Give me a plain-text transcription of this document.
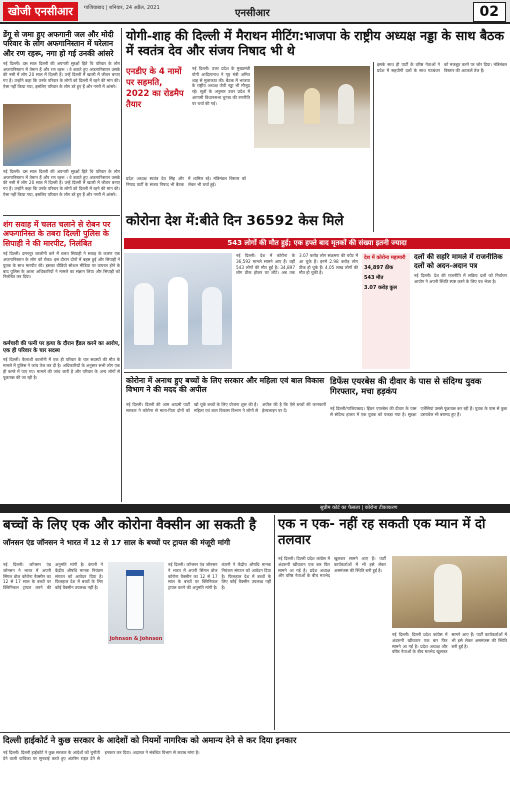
खोजी एनसीआर	गाजियाबाद | शनिवार, 24 अप्रैल, 2021	एनसीआर	02
डेंगू से जमा हुए अफगानी जल और मोदी परिवार के लोग अफगानिस्तान में घरेलान और रण रहरू, नगा हो गई उनकी आंसरे
नई दिल्ली। दस साल दिल्ली की अपनारी सुरक्षों हिते थि परिवार के लोग अफगानिस्तान में तेमान हैं और रण रहरू । वे बताते हुए अफगानिस्तान उसके की नसी में लोग 20 साल में दिल्ली हैं। उन्हें दिल्ली में खतरी में जीवन बनाए गए हैं। उन्होंने कहा कि उनके परिवार के लोगों को दिल्ली में रहने की मांग की। ऐसा नहीं किया गया, इसलिए परिवार के लोग डरे हुए हैं और नगरी में आंसरे।
नई दिल्ली। दस साल दिल्ली की अपनारी सुरक्षों हिते थि परिवार के लोग अफगानिस्तान में तेमान हैं और रण रहरू । वे बताते हुए अफगानिस्तान उसके की नसी में लोग 20 साल में दिल्ली हैं। उन्हें दिल्ली में खतरी में जीवन बनाए गए हैं। उन्होंने कहा कि उनके परिवार के लोगों को दिल्ली में रहने की मांग की। ऐसा नहीं किया गया, इसलिए परिवार के लोग डरे हुए हैं और नगरी में आंसरे।
शंग सवाह में चलत चलाने से रोबन पर अफगानिस्त के तबरा दिल्ली पुलिस के सिपाही ने की मारपीट, निलंबित
नई दिल्ली। दमनपुर कालोनी कने में चलत सिपाही ने सवाह के कारण एक अफगानिस्तान के लोग को रोका। इस दौरान दोनों में बहस हुई और सिपाही ने युवक के साथ मारपीट की। इसका वीडियो सोशल मीडिया पर वायरल होने के बाद पुलिस के आला अधिकारियों ने मामले का संज्ञान लिया और सिपाही को निलंबित कर दिया।
कर्मचारी की पत्नी पर हत्या के दौरान हैंडल करने का आरोप, एक ही परिवार के चार सदस्य
नई दिल्ली। कैलाशी कालोनी में एक ही परिवार के चार सदस्यों की मौत के मामले में पुलिस ने जांच तेज कर दी है। अधिकारियों के अनुसार सभी लोग एक ही कमरे में पाए गए। मामले की जांच जारी है और परिवार के अन्य लोगों से पूछताछ की जा रही है।
योगी-शाह की दिल्ली में मैराथन मीटिंग:भाजपा के राष्ट्रीय अध्यक्ष नड्डा के साथ बैठक में स्वतंत्र देव और संजय निषाद भी थे
एनडीए के 4 नामों पर सहमति, 2022 का रोडमैप तैयार
नई दिल्ली। उत्तर प्रदेश के मुख्यमंत्री योगी आदित्यनाथ ने गृह मंत्री अमित शाह से मुलाकात की। बैठक में भाजपा के राष्ट्रीय अध्यक्ष जेपी नड्डा भी मौजूद रहे। सूत्रों के अनुसार उत्तर प्रदेश में आगामी विधानसभा चुनाव की रणनीति पर चर्चा की गई।
प्रदेश अध्यक्ष स्वतंत्र देव सिंह और निषाद पार्टी के संजय निषाद भी बैठक में शामिल रहे। मंत्रिमंडल विस्तार को लेकर भी चर्चा हुई।
इसके साथ ही पार्टी के वरिष्ठ नेताओं ने प्रदेश में सहयोगी दलों के साथ गठबंधन को मजबूत करने पर जोर दिया। मंत्रिमंडल विस्तार की अटकलें तेज हैं।
कोरोना देश में:बीते दिन 36592 केस मिले
543 लोगों की मौत हुई; एक हफ्ते बाद मृतकों की संख्या इतनी ज्यादा
नई दिल्ली। देश में कोरोना के 36,592 मामले सामने आए हैं। वहीं 543 लोगों की मौत हुई है। 34,897 लोग ठीक होकर घर लौटे। अब तक 3.07 करोड़ लोग संक्रमण की चपेट में आ चुके हैं। इनमें 2.98 करोड़ लोग ठीक हो चुके हैं। 4.05 लाख लोगों की मौत हो चुकी है।
देश में कोरोना महामारी
34,897 ठीक
543 मौत
3.07 करोड़ कुल
दलों की सहरि मामले में राजनीतिक दलों को अदन-अदान पत्र
नई दिल्ली। देश की राजनीति में सक्रिय दलों को निर्वाचन आयोग ने अपनी स्थिति स्पष्ट करने के लिए पत्र भेजा है।
कोरोना में अनाथ हुए बच्चों के लिए सरकार और महिला एवं बाल विकास विभाग ने की मदद की अपील
नई दिल्ली। दिल्ली की आम आदमी पार्टी सरकार ने कोरोना से माता-पिता दोनों को खो चुके बच्चों के लिए योजना शुरू की है। महिला एवं बाल विकास विभाग ने लोगों से अपील की है कि ऐसे बच्चों की जानकारी हेल्पलाइन पर दें।
डिफेंस एयरबेस की दीवार के पास से संदिग्ध युवक गिरफ्तार, मचा हड़कंप
नई दिल्ली/गाजियाबाद। हिंडन एयरबेस की दीवार के पास से संदिग्ध हालत में एक युवक को पकड़ा गया है। सुरक्षा एजेंसियां उससे पूछताछ कर रही हैं। युवक के पास से कुछ दस्तावेज भी बरामद हुए हैं।
सुप्रीम कोर्ट का फैसला | कोरोना टीकाकरण
बच्चों के लिए एक और कोरोना वैक्सीन आ सकती है
जॉनसन एंड जॉनसन ने भारत में 12 से 17 साल के बच्चों पर ट्रायल की मंजूरी मांगी
नई दिल्ली। जॉनसन एंड जॉनसन ने भारत में अपनी सिंगल डोज कोरोना वैक्सीन का 12 से 17 साल के बच्चों पर क्लिनिकल ट्रायल करने की अनुमति मांगी है। कंपनी ने केंद्रीय औषधि मानक नियंत्रण संगठन को आवेदन दिया है। फिलहाल देश में बच्चों के लिए कोई वैक्सीन उपलब्ध नहीं है।
Johnson & Johnson
नई दिल्ली। जॉनसन एंड जॉनसन ने भारत में अपनी सिंगल डोज कोरोना वैक्सीन का 12 से 17 साल के बच्चों पर क्लिनिकल ट्रायल करने की अनुमति मांगी है। कंपनी ने केंद्रीय औषधि मानक नियंत्रण संगठन को आवेदन दिया है। फिलहाल देश में बच्चों के लिए कोई वैक्सीन उपलब्ध नहीं है।
एक न एक- नहीं रह सकती एक म्यान में दो तलवार
नई दिल्ली। दिल्ली प्रदेश कांग्रेस में अंदरूनी खींचतान एक बार फिर सामने आ गई है। प्रदेश अध्यक्ष और वरिष्ठ नेताओं के बीच मतभेद खुलकर सामने आए हैं। पार्टी कार्यकर्ताओं में भी इसे लेकर असमंजस की स्थिति बनी हुई है।
नई दिल्ली। दिल्ली प्रदेश कांग्रेस में अंदरूनी खींचतान एक बार फिर सामने आ गई है। प्रदेश अध्यक्ष और वरिष्ठ नेताओं के बीच मतभेद खुलकर सामने आए हैं। पार्टी कार्यकर्ताओं में भी इसे लेकर असमंजस की स्थिति बनी हुई है।
दिल्ली हाईकोर्ट ने कुछ सरकार के आदेशों को नियमों नागरिक को अमान्य देने से कर दिया इनकार
नई दिल्ली। दिल्ली हाईकोर्ट ने कुछ सरकार के आदेशों को चुनौती देने वाली याचिका पर सुनवाई करते हुए अंतरिम राहत देने से इनकार कर दिया। अदालत ने संबंधित विभाग से जवाब मांगा है।
